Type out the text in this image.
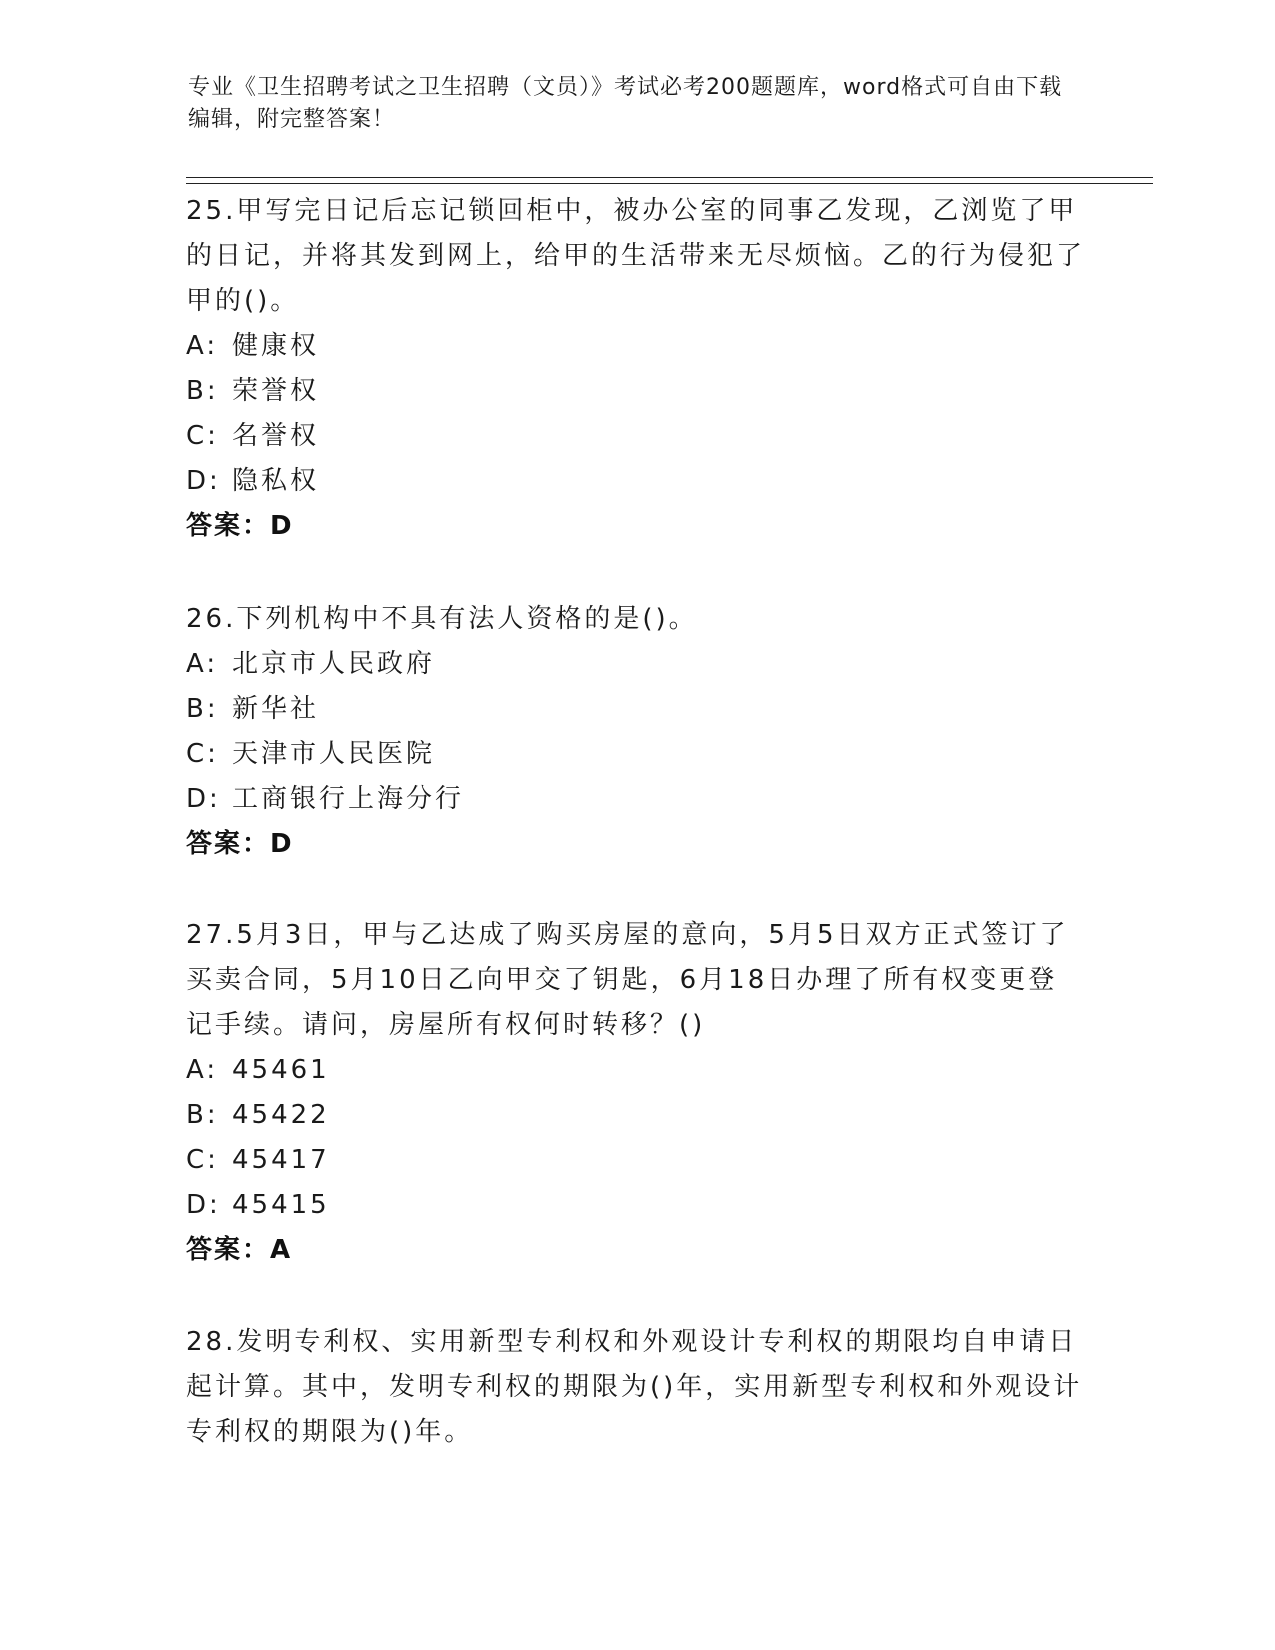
专业《卫生招聘考试之卫生招聘（文员）》考试必考200题题库，word格式可自由下载编辑，附完整答案！

25.甲写完日记后忘记锁回柜中，被办公室的同事乙发现，乙浏览了甲的日记，并将其发到网上，给甲的生活带来无尽烦恼。乙的行为侵犯了甲的()。

A: 健康权

B: 荣誉权

C: 名誉权

D: 隐私权

答案：D

26.下列机构中不具有法人资格的是()。

A: 北京市人民政府

B: 新华社

C: 天津市人民医院

D: 工商银行上海分行

答案：D

27.5月3日，甲与乙达成了购买房屋的意向，5月5日双方正式签订了买卖合同，5月10日乙向甲交了钥匙，6月18日办理了所有权变更登记手续。请问，房屋所有权何时转移？()

A: 45461

B: 45422

C: 45417

D: 45415

答案：A

28.发明专利权、实用新型专利权和外观设计专利权的期限均自申请日起计算。其中，发明专利权的期限为()年，实用新型专利权和外观设计专利权的期限为()年。
